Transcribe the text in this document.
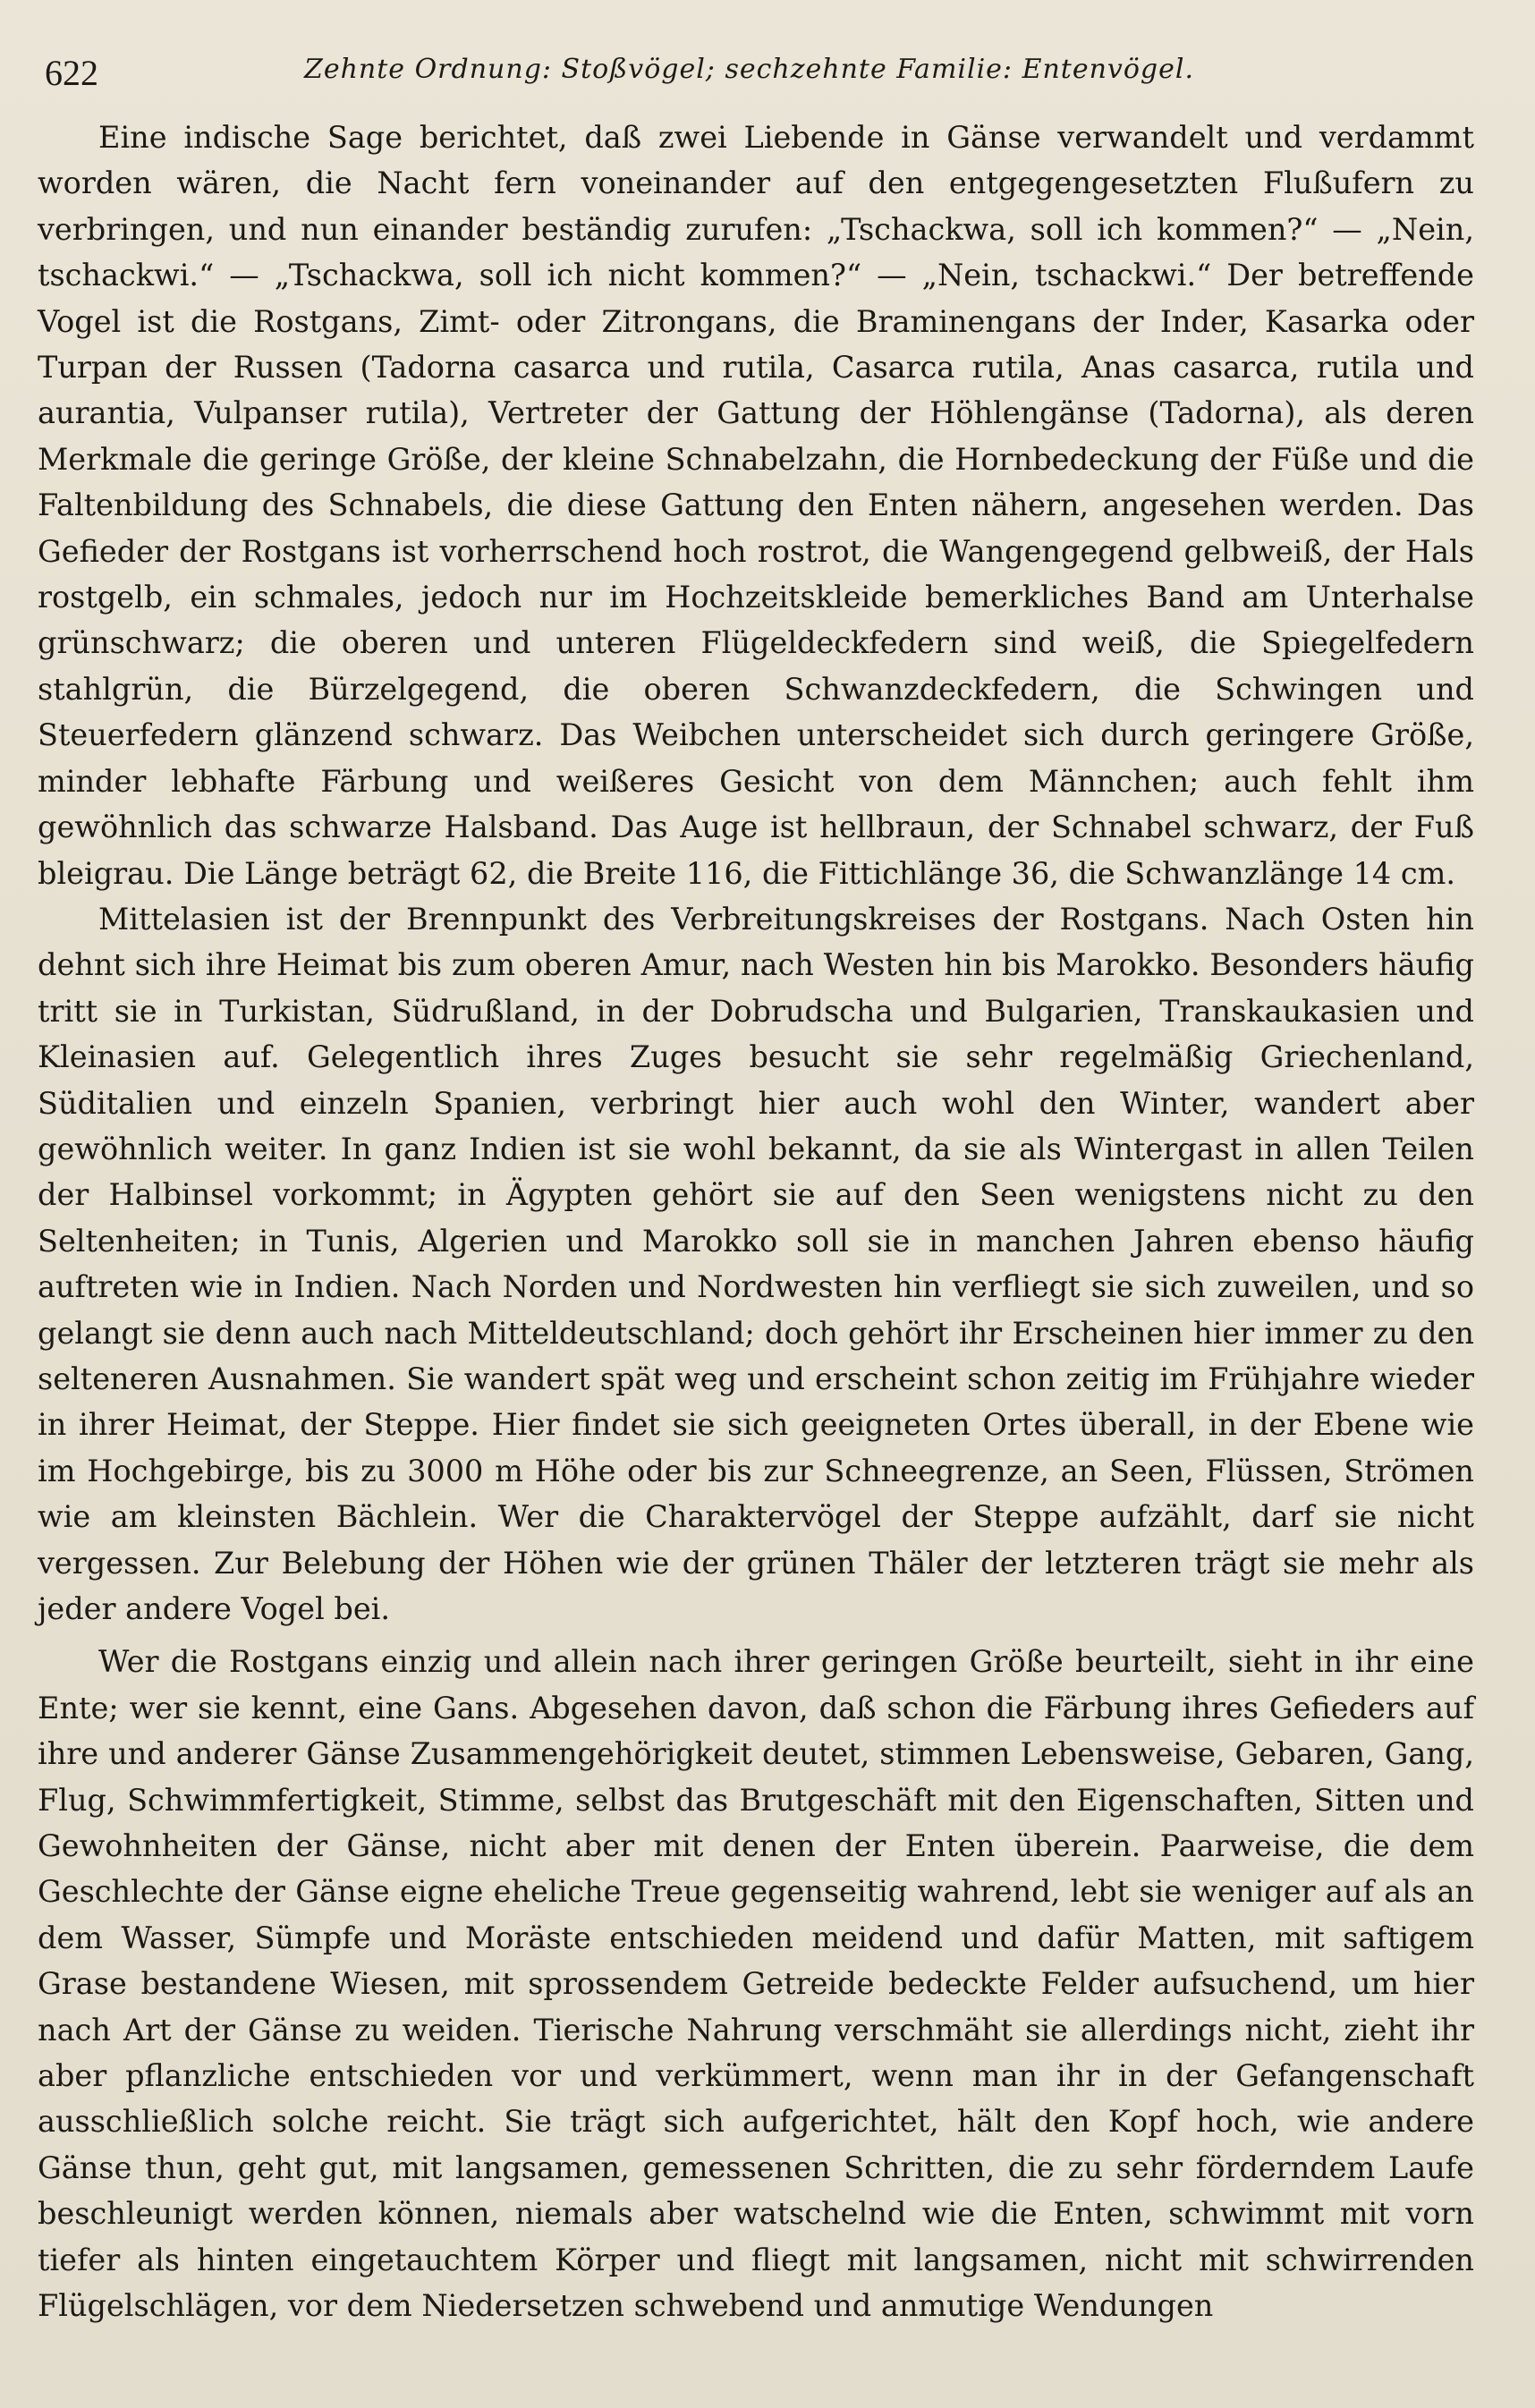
622	Zehnte Ordnung: Stoßvögel; sechzehnte Familie: Entenvögel.

Eine indische Sage berichtet, daß zwei Liebende in Gänse verwandelt und verdammt worden wären, die Nacht fern voneinander auf den entgegengesetzten Flußufern zu verbringen, und nun einander beständig zurufen: „Tschackwa, soll ich kommen?“ — „Nein, tschackwi.“ — „Tschackwa, soll ich nicht kommen?“ — „Nein, tschackwi.“ Der betreffende Vogel ist die Rostgans, Zimt- oder Zitrongans, die Braminengans der Inder, Kasarka oder Turpan der Russen (Tadorna casarca und rutila, Casarca rutila, Anas casarca, rutila und aurantia, Vulpanser rutila), Vertreter der Gattung der Höhlengänse (Tadorna), als deren Merkmale die geringe Größe, der kleine Schnabelzahn, die Hornbedeckung der Füße und die Faltenbildung des Schnabels, die diese Gattung den Enten nähern, angesehen werden. Das Gefieder der Rostgans ist vorherrschend hoch rostrot, die Wangengegend gelbweiß, der Hals rostgelb, ein schmales, jedoch nur im Hochzeitskleide bemerkliches Band am Unterhalse grünschwarz; die oberen und unteren Flügeldeckfedern sind weiß, die Spiegelfedern stahlgrün, die Bürzelgegend, die oberen Schwanzdeckfedern, die Schwingen und Steuerfedern glänzend schwarz. Das Weibchen unterscheidet sich durch geringere Größe, minder lebhafte Färbung und weißeres Gesicht von dem Männchen; auch fehlt ihm gewöhnlich das schwarze Halsband. Das Auge ist hellbraun, der Schnabel schwarz, der Fuß bleigrau. Die Länge beträgt 62, die Breite 116, die Fittichlänge 36, die Schwanzlänge 14 cm.

Mittelasien ist der Brennpunkt des Verbreitungskreises der Rostgans. Nach Osten hin dehnt sich ihre Heimat bis zum oberen Amur, nach Westen hin bis Marokko. Besonders häufig tritt sie in Turkistan, Südrußland, in der Dobrudscha und Bulgarien, Transkaukasien und Kleinasien auf. Gelegentlich ihres Zuges besucht sie sehr regelmäßig Griechenland, Süditalien und einzeln Spanien, verbringt hier auch wohl den Winter, wandert aber gewöhnlich weiter. In ganz Indien ist sie wohl bekannt, da sie als Wintergast in allen Teilen der Halbinsel vorkommt; in Ägypten gehört sie auf den Seen wenigstens nicht zu den Seltenheiten; in Tunis, Algerien und Marokko soll sie in manchen Jahren ebenso häufig auftreten wie in Indien. Nach Norden und Nordwesten hin verfliegt sie sich zuweilen, und so gelangt sie denn auch nach Mitteldeutschland; doch gehört ihr Erscheinen hier immer zu den selteneren Ausnahmen. Sie wandert spät weg und erscheint schon zeitig im Frühjahre wieder in ihrer Heimat, der Steppe. Hier findet sie sich geeigneten Ortes überall, in der Ebene wie im Hochgebirge, bis zu 3000 m Höhe oder bis zur Schneegrenze, an Seen, Flüssen, Strömen wie am kleinsten Bächlein. Wer die Charaktervögel der Steppe aufzählt, darf sie nicht vergessen. Zur Belebung der Höhen wie der grünen Thäler der letzteren trägt sie mehr als jeder andere Vogel bei.

Wer die Rostgans einzig und allein nach ihrer geringen Größe beurteilt, sieht in ihr eine Ente; wer sie kennt, eine Gans. Abgesehen davon, daß schon die Färbung ihres Gefieders auf ihre und anderer Gänse Zusammengehörigkeit deutet, stimmen Lebensweise, Gebaren, Gang, Flug, Schwimmfertigkeit, Stimme, selbst das Brutgeschäft mit den Eigenschaften, Sitten und Gewohnheiten der Gänse, nicht aber mit denen der Enten überein. Paarweise, die dem Geschlechte der Gänse eigne eheliche Treue gegenseitig wahrend, lebt sie weniger auf als an dem Wasser, Sümpfe und Moräste entschieden meidend und dafür Matten, mit saftigem Grase bestandene Wiesen, mit sprossendem Getreide bedeckte Felder aufsuchend, um hier nach Art der Gänse zu weiden. Tierische Nahrung verschmäht sie allerdings nicht, zieht ihr aber pflanzliche entschieden vor und verkümmert, wenn man ihr in der Gefangenschaft ausschließlich solche reicht. Sie trägt sich aufgerichtet, hält den Kopf hoch, wie andere Gänse thun, geht gut, mit langsamen, gemessenen Schritten, die zu sehr förderndem Laufe beschleunigt werden können, niemals aber watschelnd wie die Enten, schwimmt mit vorn tiefer als hinten eingetauchtem Körper und fliegt mit langsamen, nicht mit schwirrenden Flügelschlägen, vor dem Niedersetzen schwebend und anmutige Wendungen
